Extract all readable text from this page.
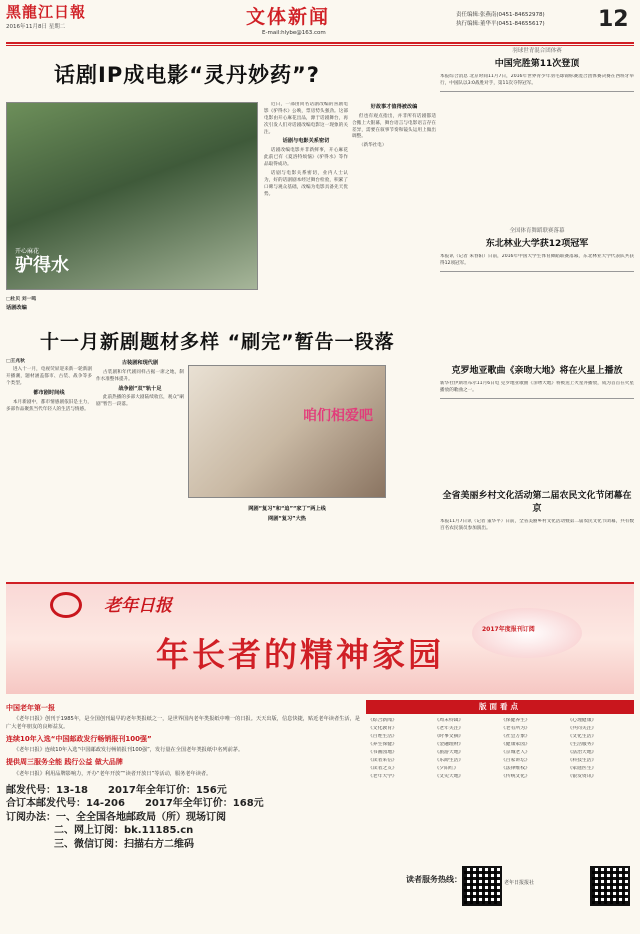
黑龍江日報
2016年11月8日 星期二	文体新闻
E-mail:hlybe@163.com
责任编辑:张燕南(0451-84652978)
执行编辑:董华平(0451-84655617) 12
话剧IP成电影“灵丹妙药”?
开心麻花
驴得水

近日，一部由同名话剧改编的喜剧电影《驴得水》公映，票房势头强劲。这部电影由开心麻花出品，源于话剧舞台，再次引发人们对话剧改编电影这一现象的关注。

话剧与电影关系密切

话剧改编电影并非新鲜事，开心麻花此前已有《夏洛特烦恼》《驴得水》等作品取得成功。

话剧与电影关系密切，业内人士认为，好的话剧剧本经过舞台检验，积累了口碑与观众基础，改编为电影具备先天优势。

好故事才值得被改编

但也有观点指出，并非所有话剧都适合搬上大银幕，舞台语言与电影语言存在差异，需要在叙事节奏和镜头运用上做出调整。

（新华社电）

□杜贝 刘一鸣
话剧改编
十一月新剧题材多样 “刷完”暂告一段落
□王兆秋

进入十一月，电视荧屏迎来新一轮新剧开播潮，题材涵盖都市、古装、战争等多个类型。

都市剧时间线

本月新剧中，都市情感剧依旧是主力，多部作品聚焦当代年轻人的生活与情感。

古装剧和现代剧

古装剧和年代剧同样占据一席之地，制作水准整体提升。

战争剧“双”轨十足

此前热播的多部大剧陆续收官，观众“刷剧”暂告一段落。

咱们相爱吧
网剧“复习”和“追”“家丁”两上线
网剧“复习”大热
羽球世青混合团体赛
中国完胜第11次登顶
本报综合消息 北京时间11月7日，2016年世界青少年羽毛球锦标赛混合团体赛决赛在西班牙举行，中国队以3:0战胜对手，第11次夺得冠军。
全国体育舞蹈联赛落幕
东北林业大学获12项冠军
本报讯（记者 朱春阳）日前，2016年中国大学生体育舞蹈联赛落幕，东北林业大学代表队共获得12项冠军。
克罗地亚歌曲《亲吻大地》将在火星上播放
新华社伊斯坦布尔11月6日电 克罗地亚歌曲《亲吻大地》将被送上火星并播放，成为首首在火星播放的歌曲之一。
全省美丽乡村文化活动第二届农民文化节闭幕在京
本报11月7日讯（记者 董华平）日前，全省美丽乡村文化活动暨第二届农民文化节闭幕，共有数百名农民演员参加演出。
老年日报
年长者的精神家园
2017年度报刊订阅
中国老年第一报
《老年日报》创刊于1985年，是全国创刊最早的老年类报纸之一，是世界国内老年类报纸中唯一的日报。天天出版，信息快捷，贴近老年读者生活，是广大老年朋友的良师益友。
连续10年入选“中国邮政发行畅销报刊100强”
《老年日报》连续10年入选“中国邮政发行畅销报刊100强”，发行量在全国老年类报纸中名列前茅。
提供周三服务全能 践行公益 做大品牌
《老年日报》利用品牌影响力，开办“老年开放”“读者开放日”等活动，服务老年读者。
邮发代号：13-18 2017年全年订价：156元
合订本邮发代号：14-206 2017年全年订价：168元
订阅办法：一、全全国各地邮政局（所）现场订阅
二、网上订阅：bk.11185.cn
三、微信订阅：扫描右方二维码
版面看点
《综合新闻》	《周末特辑》	《保健养生》	《心理健康》
《文化教育》	《老年关注》	《老有所为》	《共同关注》
《百姓生活》	《时事文摘》	《社会万象》	《文化生活》
《养生保健》	《金融理财》	《健康家园》	《生活服务》
《书画园地》	《旅游天地》	《京城老人》	《法治天地》
《读者来信》	《乐龄生活》	《百家讲坛》	《科技生活》
《读者之友》	《夕阳红》	《法律维权》	《家庭医生》
《老年大学》	《文史天地》	《传统文化》	《银发资讯》
读者服务热线：	老年日报报社
